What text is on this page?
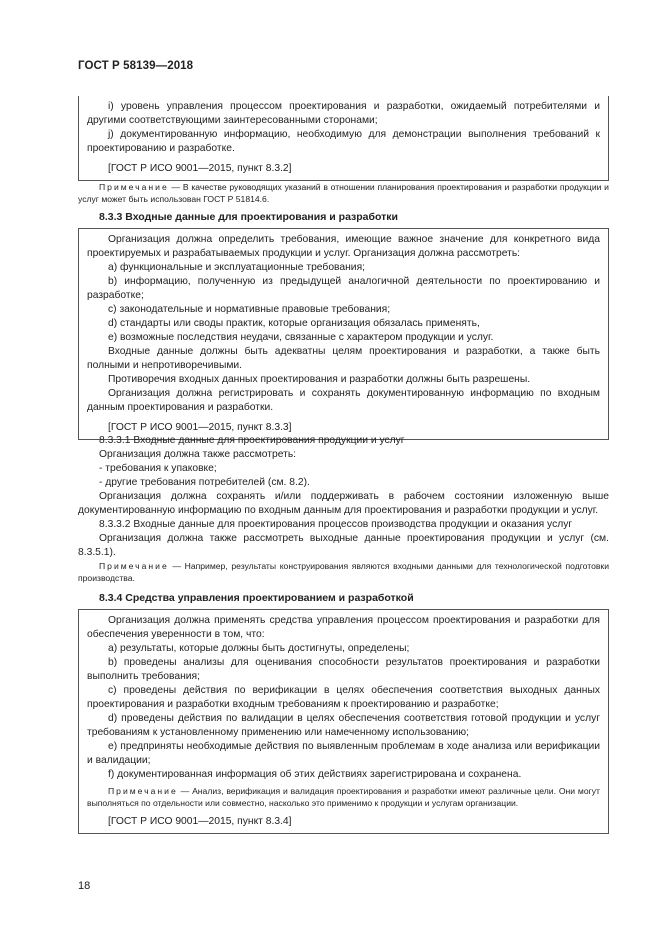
ГОСТ Р 58139—2018

i) уровень управления процессом проектирования и разработки, ожидаемый потребителями и другими соответствующими заинтересованными сторонами;

j) документированную информацию, необходимую для демонстрации выполнения требований к проектированию и разработке.

[ГОСТ Р ИСО 9001—2015, пункт 8.3.2]

Примечание — В качестве руководящих указаний в отношении планирования проектирования и разработки продукции и услуг может быть использован ГОСТ Р 51814.6.

8.3.3 Входные данные для проектирования и разработки

Организация должна определить требования, имеющие важное значение для конкретного вида проектируемых и разрабатываемых продукции и услуг. Организация должна рассмотреть:

a) функциональные и эксплуатационные требования;

b) информацию, полученную из предыдущей аналогичной деятельности по проектированию и разработке;

c) законодательные и нормативные правовые требования;

d) стандарты или своды практик, которые организация обязалась применять,

e) возможные последствия неудачи, связанные с характером продукции и услуг.

Входные данные должны быть адекватны целям проектирования и разработки, а также быть полными и непротиворечивыми.

Противоречия входных данных проектирования и разработки должны быть разрешены.

Организация должна регистрировать и сохранять документированную информацию по входным данным проектирования и разработки.

[ГОСТ Р ИСО 9001—2015, пункт 8.3.3]

8.3.3.1 Входные данные для проектирования продукции и услуг

Организация должна также рассмотреть:

- требования к упаковке;

- другие требования потребителей (см. 8.2).

Организация должна сохранять и/или поддерживать в рабочем состоянии изложенную выше документированную информацию по входным данным для проектирования и разработки продукции и услуг.

8.3.3.2 Входные данные для проектирования процессов производства продукции и оказания услуг

Организация должна также рассмотреть выходные данные проектирования продукции и услуг (см. 8.3.5.1).

Примечание — Например, результаты конструирования являются входными данными для технологической подготовки производства.

8.3.4 Средства управления проектированием и разработкой

Организация должна применять средства управления процессом проектирования и разработки для обеспечения уверенности в том, что:

a) результаты, которые должны быть достигнуты, определены;

b) проведены анализы для оценивания способности результатов проектирования и разработки выполнить требования;

c) проведены действия по верификации в целях обеспечения соответствия выходных данных проектирования и разработки входным требованиям к проектированию и разработке;

d) проведены действия по валидации в целях обеспечения соответствия готовой продукции и услуг требованиям к установленному применению или намеченному использованию;

e) предприняты необходимые действия по выявленным проблемам в ходе анализа или верификации и валидации;

f) документированная информация об этих действиях зарегистрирована и сохранена.

Примечание — Анализ, верификация и валидация проектирования и разработки имеют различные цели. Они могут выполняться по отдельности или совместно, насколько это применимо к продукции и услугам организации.

[ГОСТ Р ИСО 9001—2015, пункт 8.3.4]

18
